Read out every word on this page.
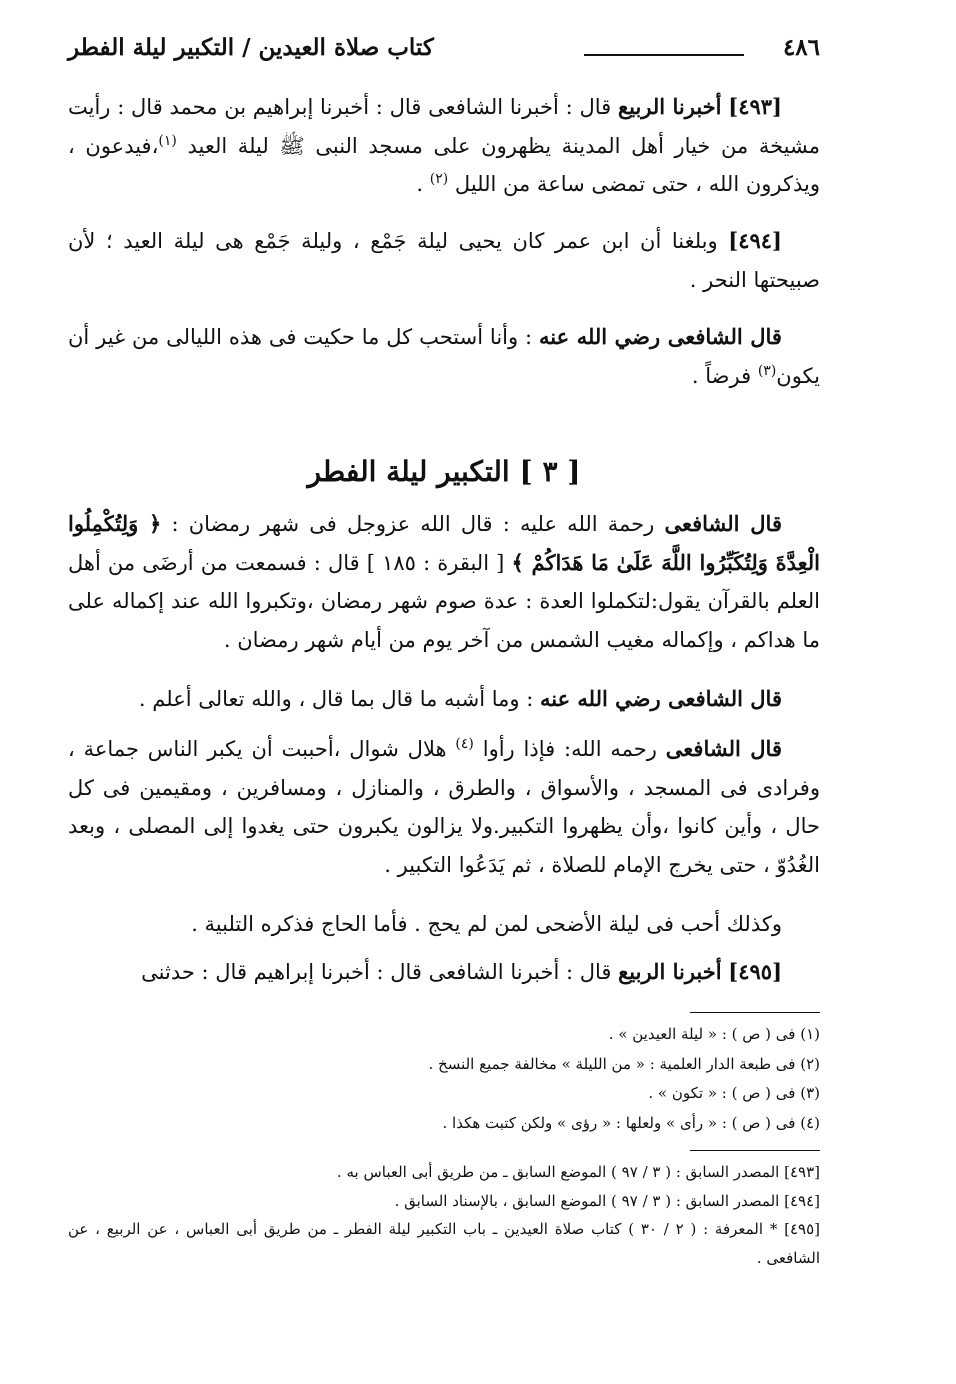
٤٨٦
كتاب صلاة العيدين / التكبير ليلة الفطر
[٤٩٣] أخبرنا الربيع قال : أخبرنا الشافعى قال : أخبرنا إبراهيم بن محمد قال : رأيت مشيخة من خيار أهل المدينة يظهرون على مسجد النبى ﷺ ليلة العيد $^{(١)}$،فيدعون ، ويذكرون الله ، حتى تمضى ساعة من الليل $^{(٢)}$ .
[٤٩٤] وبلغنا أن ابن عمر كان يحيى ليلة جَمْع ، وليلة جَمْع هى ليلة العيد ؛ لأن صبيحتها النحر .
قال الشافعى رضي الله عنه : وأنا أستحب كل ما حكيت فى هذه الليالى من غير أن يكون$^{(٣)}$ فرضاً .
[ ٣ ] التكبير ليلة الفطر
قال الشافعى رحمة الله عليه : قال الله عزوجل فى شهر رمضان : ﴿ وَلِتُكْمِلُوا الْعِدَّةَ وَلِتُكَبِّرُوا اللَّهَ عَلَىٰ مَا هَدَاكُمْ ﴾ [ البقرة : ١٨٥ ] قال : فسمعت من أرضَى من أهل العلم بالقرآن يقول:لتكملوا العدة : عدة صوم شهر رمضان ،وتكبروا الله عند إكماله على ما هداكم ، وإكماله مغيب الشمس من آخر يوم من أيام شهر رمضان .
قال الشافعى رضي الله عنه : وما أشبه ما قال بما قال ، والله تعالى أعلم .
قال الشافعى رحمه الله: فإذا رأوا $^{(٤)}$ هلال شوال ،أحببت أن يكبر الناس جماعة ، وفرادى فى المسجد ، والأسواق ، والطرق ، والمنازل ، ومسافرين ، ومقيمين فى كل حال ، وأين كانوا ،وأن يظهروا التكبير.ولا يزالون يكبرون حتى يغدوا إلى المصلى ، وبعد الغُدُوّ ، حتى يخرج الإمام للصلاة ، ثم يَدَعُوا التكبير .
وكذلك أحب فى ليلة الأضحى لمن لم يحج . فأما الحاج فذكره التلبية .
[٤٩٥] أخبرنا الربيع قال : أخبرنا الشافعى قال : أخبرنا إبراهيم قال : حدثنى
(١) فى ( ص ) : « ليلة العيدين » .
(٢) فى طبعة الدار العلمية : « من الليلة » مخالفة جميع النسخ .
(٣) فى ( ص ) : « تكون » .
(٤) فى ( ص ) : « رأى » ولعلها : « رؤى » ولكن كتبت هكذا .

[٤٩٣] المصدر السابق : ( ٣ / ٩٧ ) الموضع السابق ـ من طريق أبى العباس به .

[٤٩٤] المصدر السابق : ( ٣ / ٩٧ ) الموضع السابق ، بالإسناد السابق .

[٤٩٥] * المعرفة : ( ٢ / ٣٠ ) كتاب صلاة العيدين ـ باب التكبير ليلة الفطر ـ من طريق أبى العباس ، عن الربيع ، عن الشافعى .
